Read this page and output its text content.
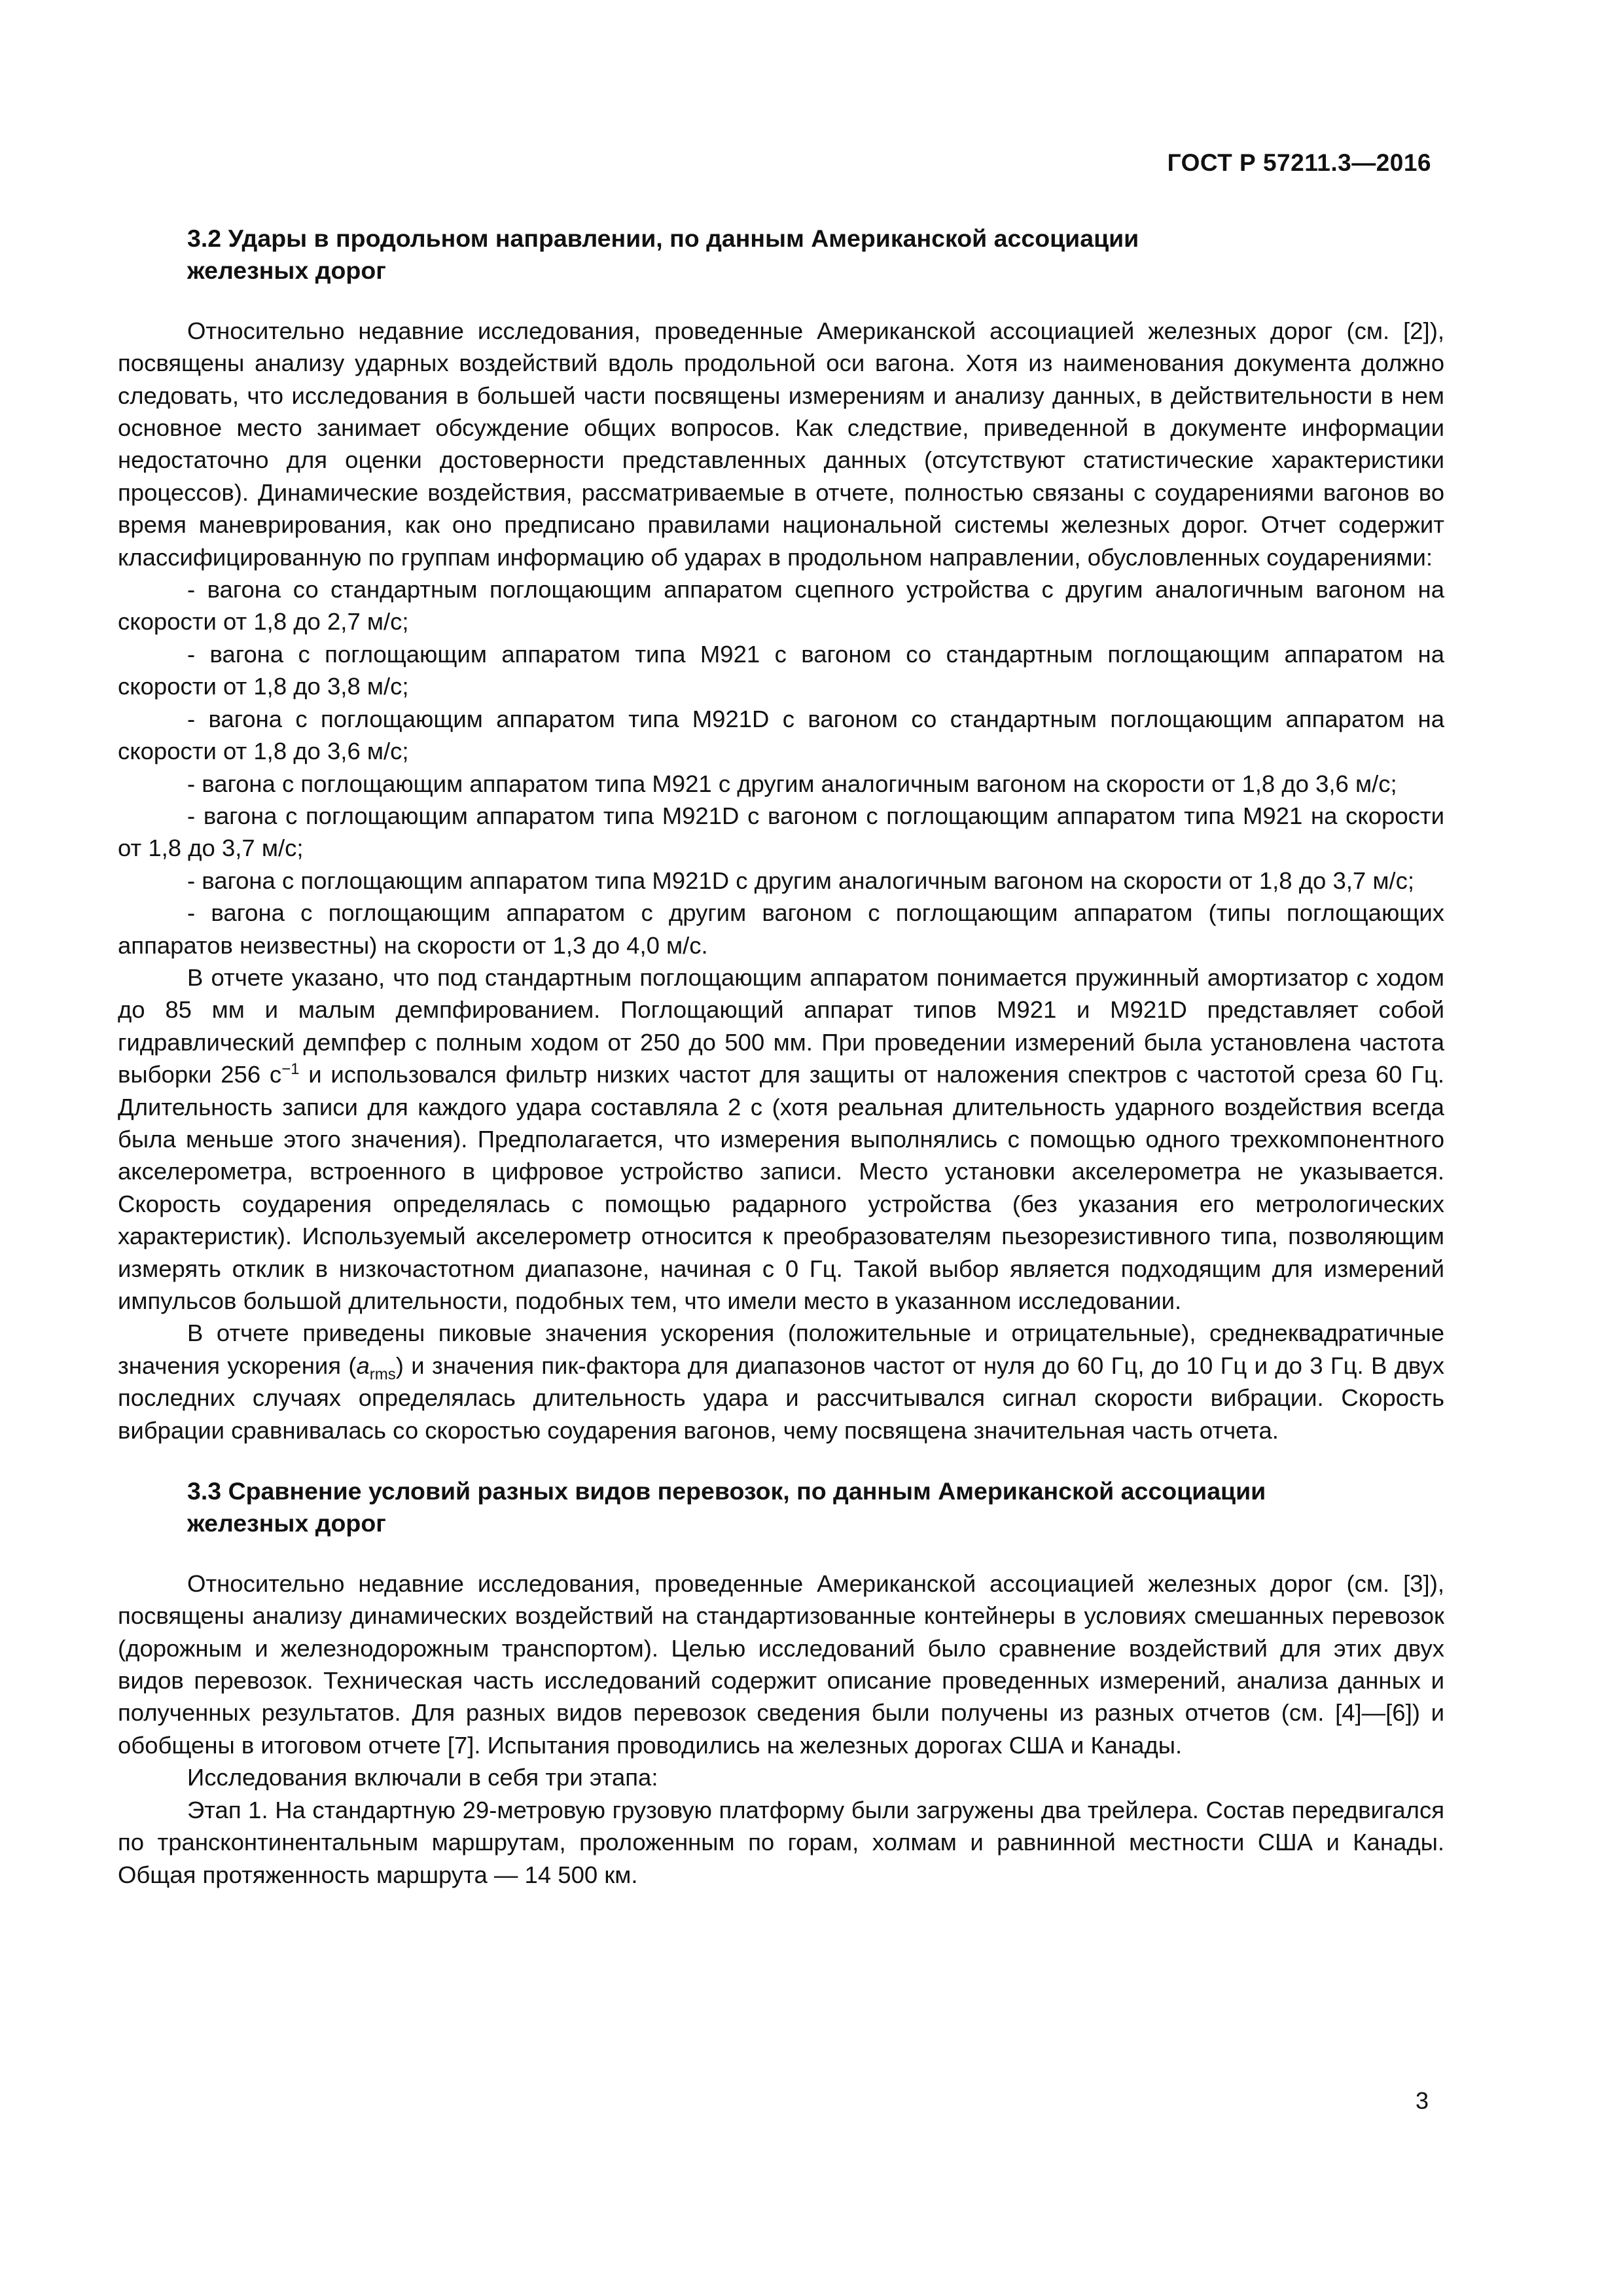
ГОСТ Р 57211.3—2016
3.2 Удары в продольном направлении, по данным Американской ассоциации
железных дорог

Относительно недавние исследования, проведенные Американской ассоциацией железных дорог (см. [2]), посвящены анализу ударных воздействий вдоль продольной оси вагона. Хотя из наименования документа должно следовать, что исследования в большей части посвящены измерениям и анализу данных, в действительности в нем основное место занимает обсуждение общих вопросов. Как следствие, приведенной в документе информации недостаточно для оценки достоверности представленных данных (отсутствуют статистические характеристики процессов). Динамические воздействия, рассматриваемые в отчете, полностью связаны с соударениями вагонов во время маневрирования, как оно предписано правилами национальной системы железных дорог. Отчет содержит классифицированную по группам информацию об ударах в продольном направлении, обусловленных соударениями:

- вагона со стандартным поглощающим аппаратом сцепного устройства с другим аналогичным вагоном на скорости от 1,8 до 2,7 м/с;

- вагона с поглощающим аппаратом типа M921 с вагоном со стандартным поглощающим аппаратом на скорости от 1,8 до 3,8 м/с;

- вагона с поглощающим аппаратом типа M921D с вагоном со стандартным поглощающим аппаратом на скорости от 1,8 до 3,6 м/с;

- вагона с поглощающим аппаратом типа M921 с другим аналогичным вагоном на скорости от 1,8 до 3,6 м/с;

- вагона с поглощающим аппаратом типа M921D с вагоном с поглощающим аппаратом типа M921 на скорости от 1,8 до 3,7 м/с;

- вагона с поглощающим аппаратом типа M921D с другим аналогичным вагоном на скорости от 1,8 до 3,7 м/с;

- вагона с поглощающим аппаратом с другим вагоном с поглощающим аппаратом (типы поглощающих аппаратов неизвестны) на скорости от 1,3 до 4,0 м/с.

В отчете указано, что под стандартным поглощающим аппаратом понимается пружинный амортизатор с ходом до 85 мм и малым демпфированием. Поглощающий аппарат типов M921 и M921D представляет собой гидравлический демпфер с полным ходом от 250 до 500 мм. При проведении измерений была установлена частота выборки 256 $с^{-1}$ и использовался фильтр низких частот для защиты от наложения спектров с частотой среза 60 Гц. Длительность записи для каждого удара составляла 2 с (хотя реальная длительность ударного воздействия всегда была меньше этого значения). Предполагается, что измерения выполнялись с помощью одного трехкомпонентного акселерометра, встроенного в цифровое устройство записи. Место установки акселерометра не указывается. Скорость соударения определялась с помощью радарного устройства (без указания его метрологических характеристик). Используемый акселерометр относится к преобразователям пьезорезистивного типа, позволяющим измерять отклик в низкочастотном диапазоне, начиная с 0 Гц. Такой выбор является подходящим для измерений импульсов большой длительности, подобных тем, что имели место в указанном исследовании.

В отчете приведены пиковые значения ускорения (положительные и отрицательные), среднеквадратичные значения ускорения $(a_{rms})$ и значения пик-фактора для диапазонов частот от нуля до 60 Гц, до 10 Гц и до 3 Гц. В двух последних случаях определялась длительность удара и рассчитывался сигнал скорости вибрации. Скорость вибрации сравнивалась со скоростью соударения вагонов, чему посвящена значительная часть отчета.

3.3 Сравнение условий разных видов перевозок, по данным Американской ассоциации
железных дорог

Относительно недавние исследования, проведенные Американской ассоциацией железных дорог (см. [3]), посвящены анализу динамических воздействий на стандартизованные контейнеры в условиях смешанных перевозок (дорожным и железнодорожным транспортом). Целью исследований было сравнение воздействий для этих двух видов перевозок. Техническая часть исследований содержит описание проведенных измерений, анализа данных и полученных результатов. Для разных видов перевозок сведения были получены из разных отчетов (см. [4]—[6]) и обобщены в итоговом отчете [7]. Испытания проводились на железных дорогах США и Канады.

Исследования включали в себя три этапа:

Этап 1. На стандартную 29-метровую грузовую платформу были загружены два трейлера. Состав передвигался по трансконтинентальным маршрутам, проложенным по горам, холмам и равнинной местности США и Канады. Общая протяженность маршрута — 14 500 км.

3
